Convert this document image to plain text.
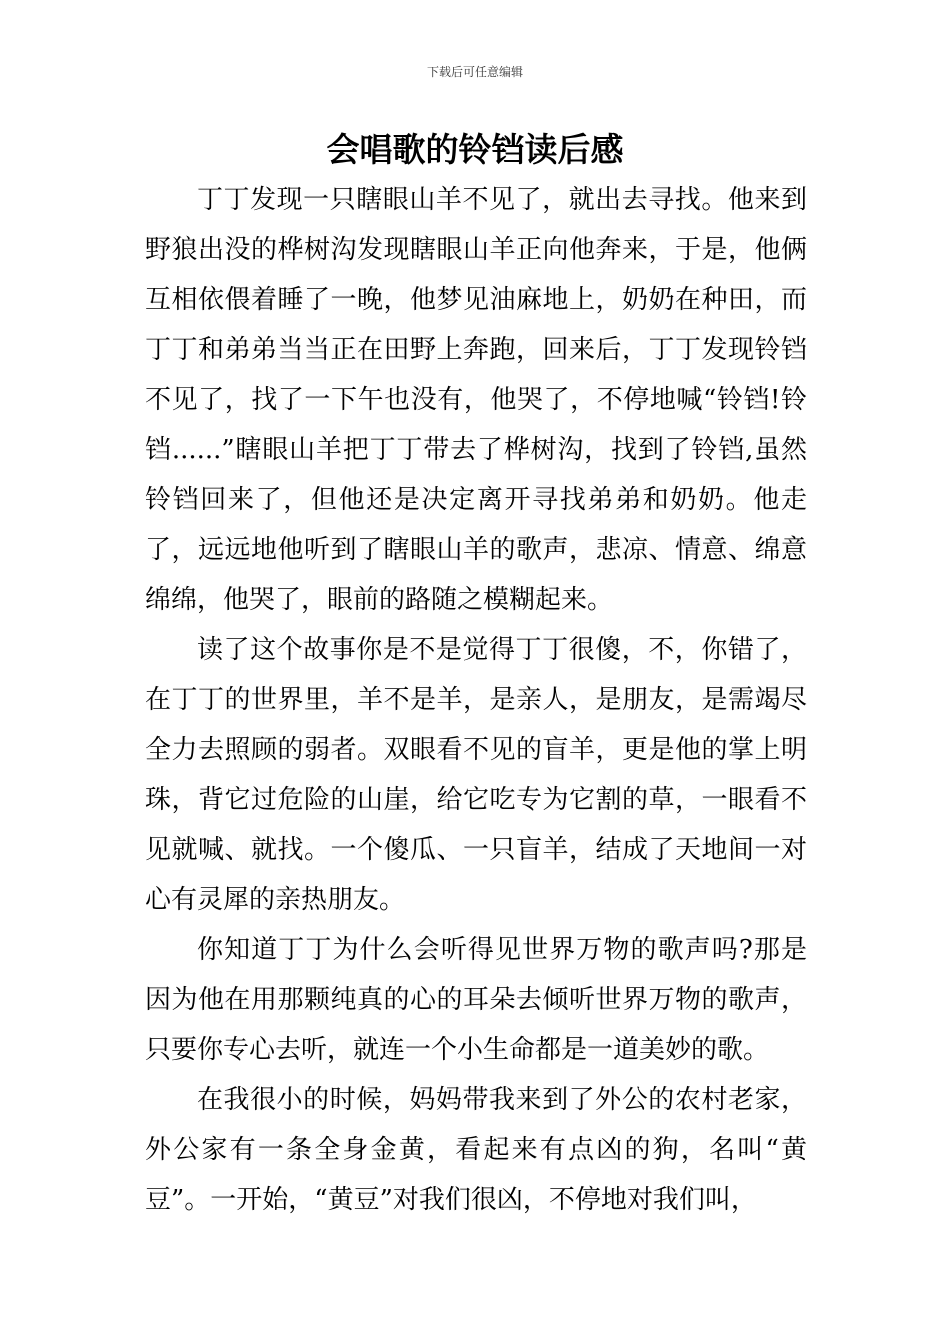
下载后可任意编辑
会唱歌的铃铛读后感

丁丁发现一只瞎眼山羊不见了，就出去寻找。他来到野狼出没的桦树沟发现瞎眼山羊正向他奔来，于是，他俩互相依偎着睡了一晚，他梦见油麻地上，奶奶在种田，而丁丁和弟弟当当正在田野上奔跑，回来后，丁丁发现铃铛不见了，找了一下午也没有，他哭了，不停地喊“铃铛!铃铛......”瞎眼山羊把丁丁带去了桦树沟，找到了铃铛,虽然铃铛回来了，但他还是决定离开寻找弟弟和奶奶。他走了，远远地他听到了瞎眼山羊的歌声，悲凉、情意、绵意绵绵，他哭了，眼前的路随之模糊起来。

读了这个故事你是不是觉得丁丁很傻，不，你错了，在丁丁的世界里，羊不是羊，是亲人，是朋友，是需竭尽全力去照顾的弱者。双眼看不见的盲羊，更是他的掌上明珠，背它过危险的山崖，给它吃专为它割的草，一眼看不见就喊、就找。一个傻瓜、一只盲羊，结成了天地间一对心有灵犀的亲热朋友。

你知道丁丁为什么会听得见世界万物的歌声吗?那是因为他在用那颗纯真的心的耳朵去倾听世界万物的歌声，只要你专心去听，就连一个小生命都是一道美妙的歌。

在我很小的时候，妈妈带我来到了外公的农村老家，外公家有一条全身金黄，看起来有点凶的狗，名叫“黄豆”。一开始，“黄豆”对我们很凶，不停地对我们叫，
